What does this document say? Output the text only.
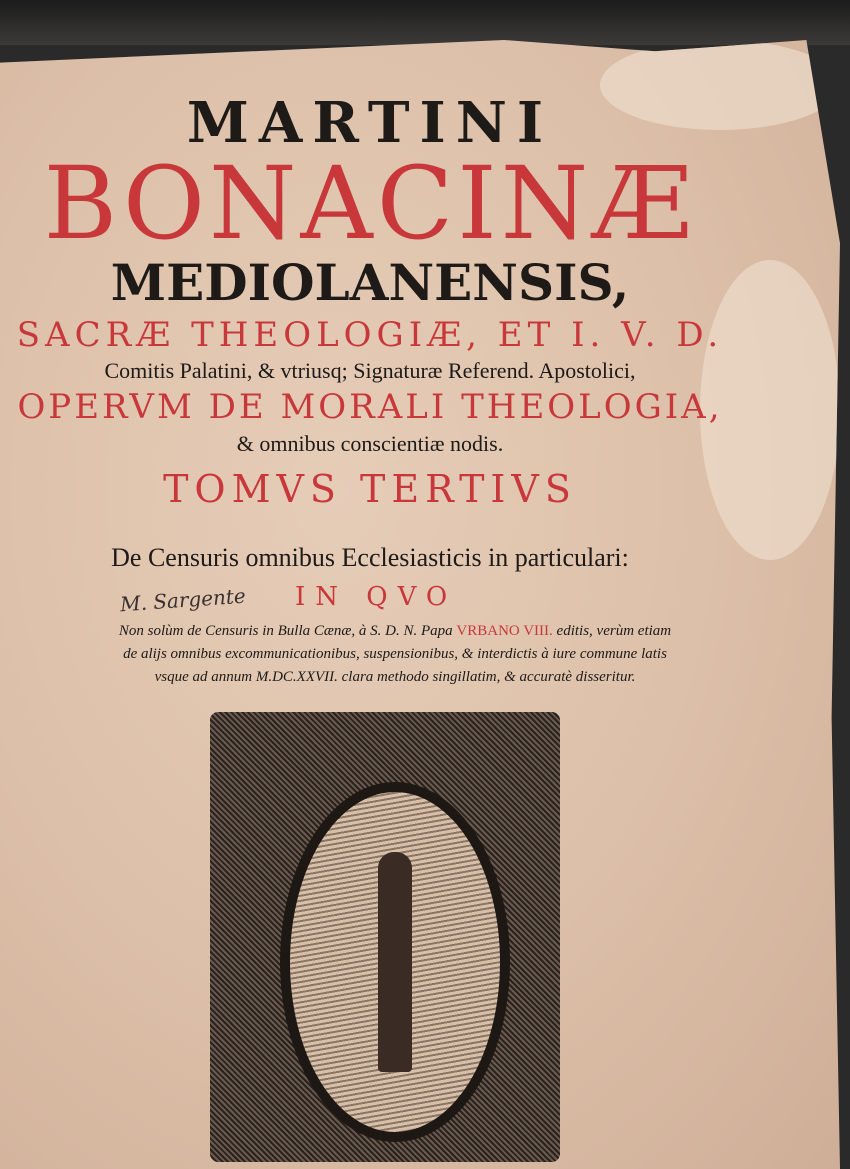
MARTINI
BONACINÆ
MEDIOLANENSIS,
SACRÆ THEOLOGIÆ, ET I. V. D.
Comitis Palatini, & vtriusq; Signaturæ Referend. Apostolici,
OPERVM DE MORALI THEOLOGIA,
& omnibus conscientiæ nodis.
TOMVS TERTIVS
De Censuris omnibus Ecclesiasticis in particulari:
M. Sargente IN QVO
Non solùm de Censuris in Bulla Cænæ, à S. D. N. Papa VRBANO VIII. editis, verùm etiam
de alijs omnibus excommunicationibus, suspensionibus, & interdictis à iure commune latis
vsque ad annum M.DC.XXVII. clara methodo singillatim, & accuratè disseritur.
